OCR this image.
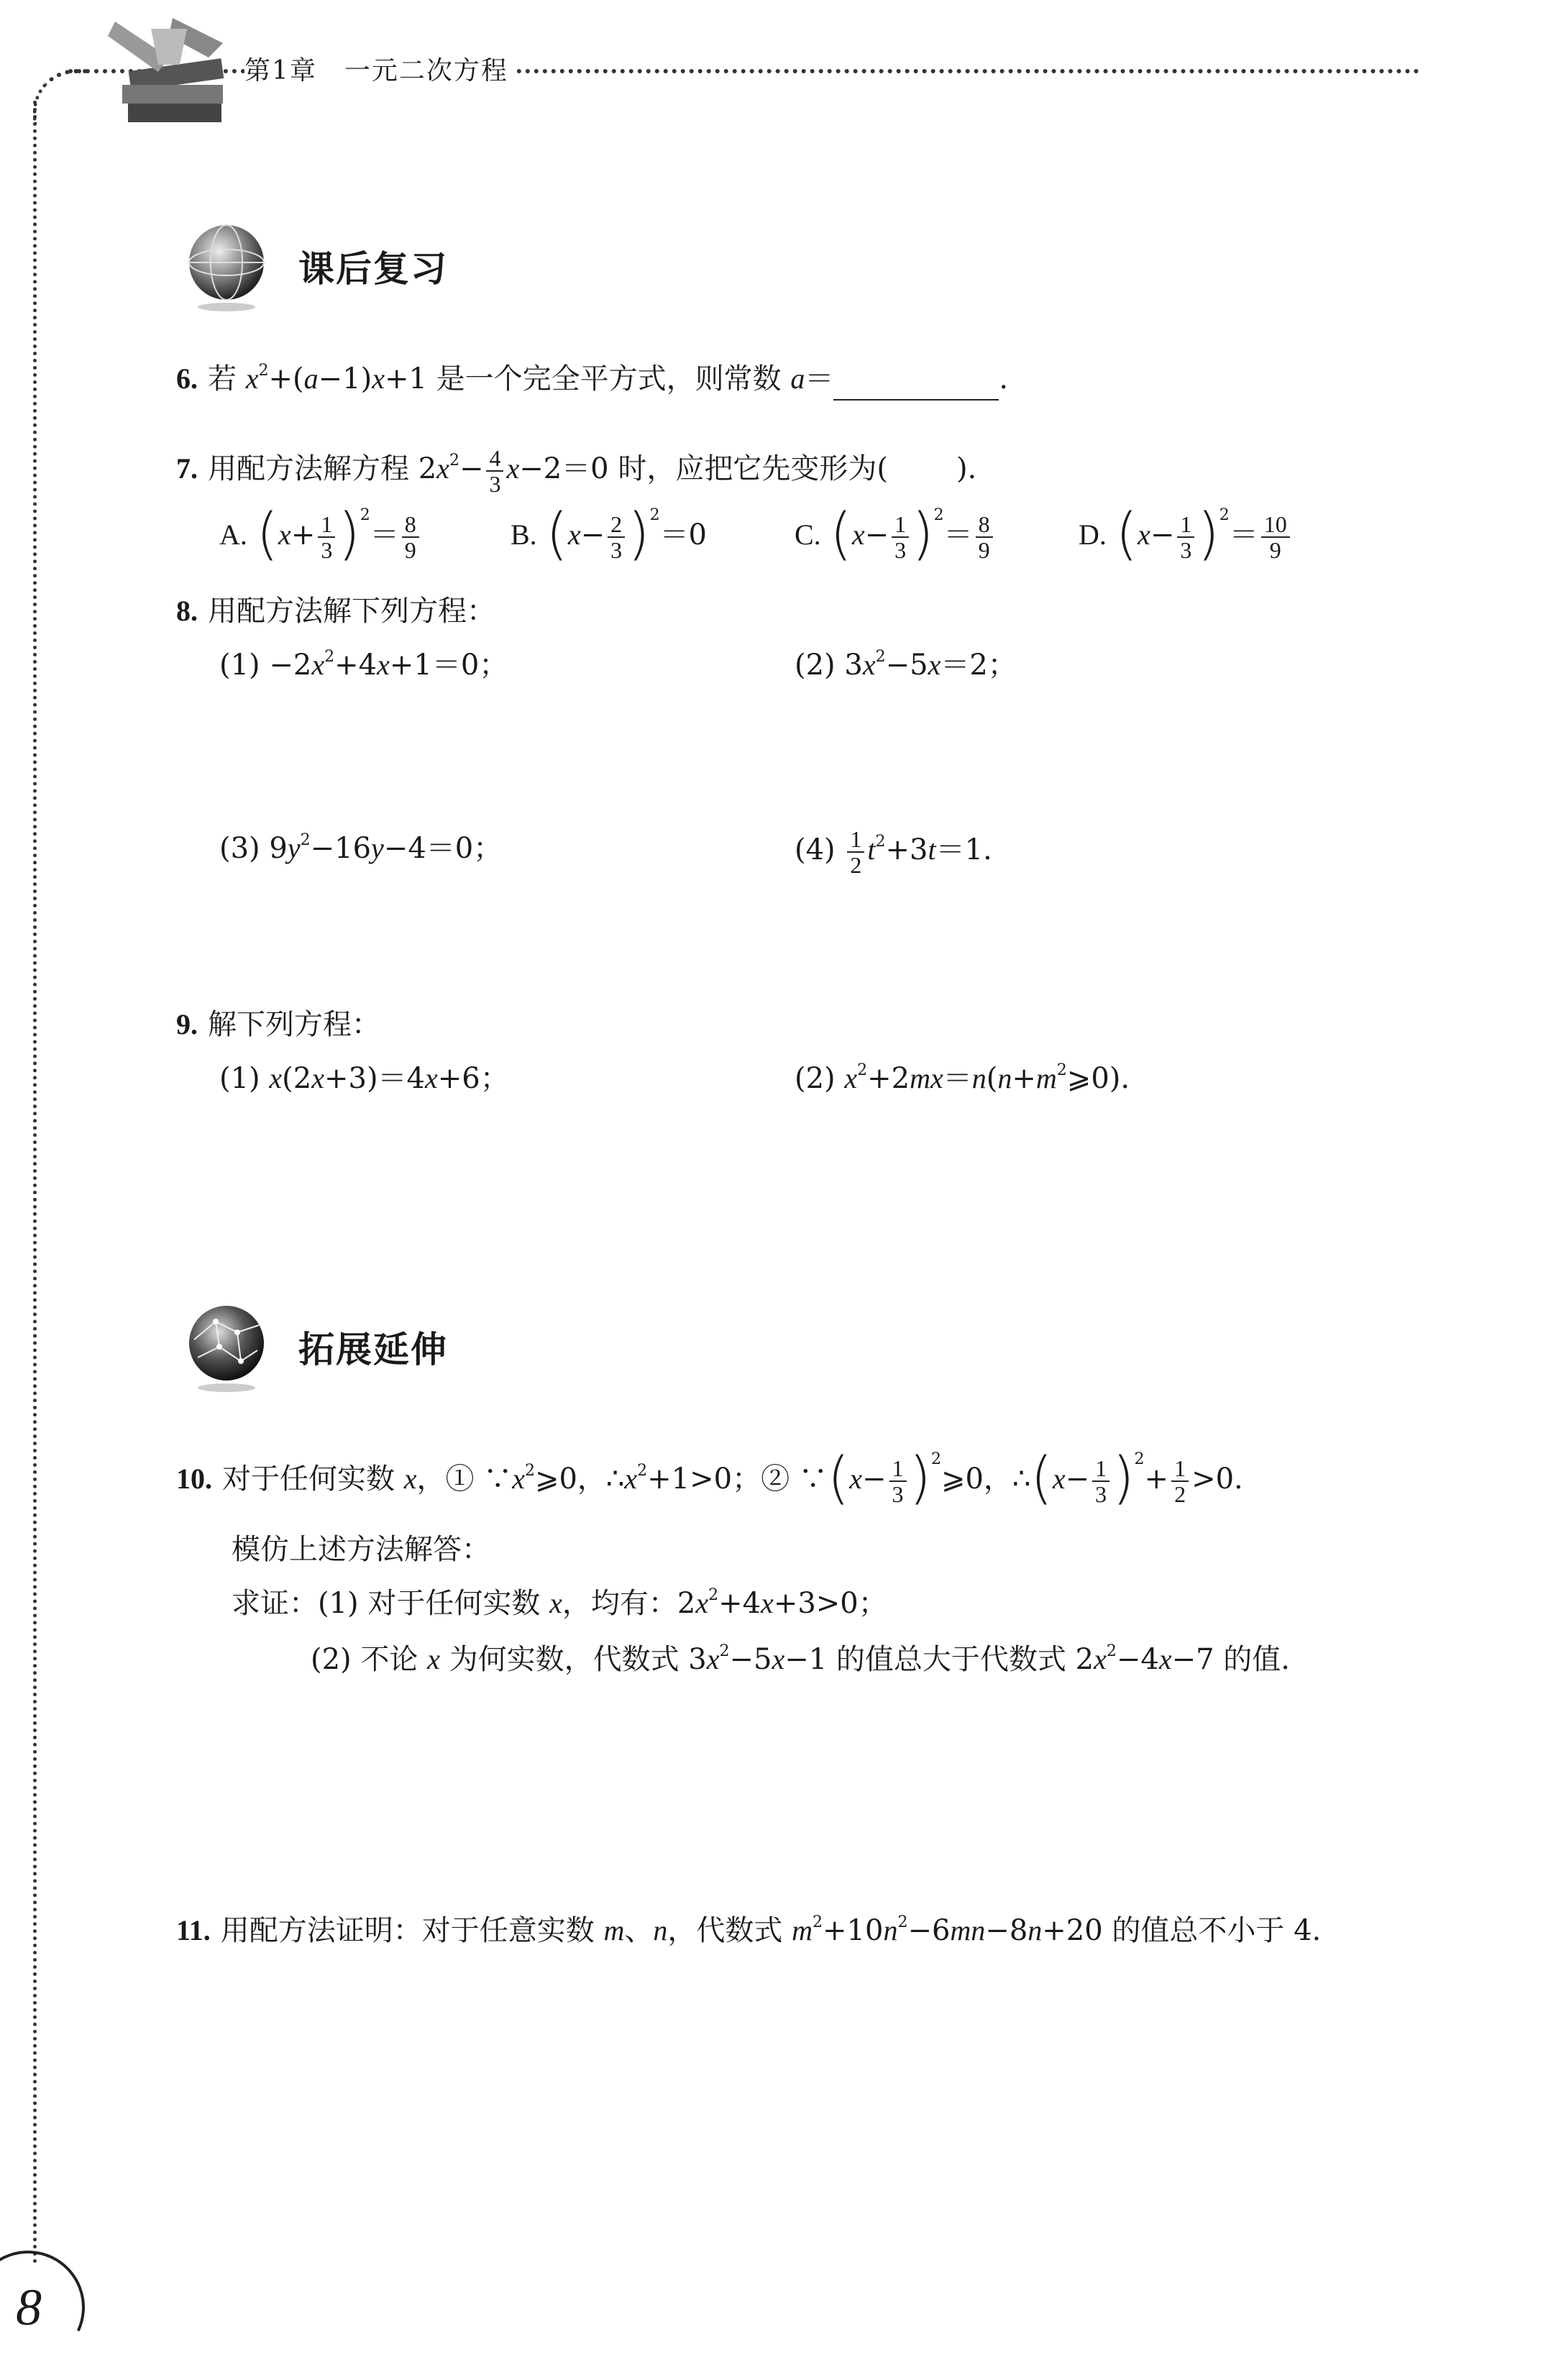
第1章　一元二次方程
课后复习
6. 若 $x^2+(a-1)x+1$ 是一个完全平方式，则常数 a＝	.
7. 用配方法解方程 $2x^2- \frac{4}{3} x-2=0$ 时，应把它先变形为( ).
A. $(x+ \frac{1}{3} )^2= \frac{8}{9}$	B. $(x- \frac{2}{3} )^2=0$	C. $(x- \frac{1}{3} )^2= \frac{8}{9}$	D. $(x- \frac{1}{3} )^2= \frac{10}{9}$
8. 用配方法解下列方程：
$(1) -2x^2+4x+1=0$；	(2) $3x^2-5x=2$；
(3) $9y^2-16y-4=0$；	$(4) \frac{1}{2} t^2+3t=1$.
9. 解下列方程：
(1) x(2x+3)＝4x+6；	(2) $x^2+2mx=n(n+m^2⩾0)$.
拓展延伸
10. 对于任何实数 x，① $\because x^2⩾0$，$\therefore x^2+1>0$；② ∵(x− $\frac{1}{3}$ )$^2$⩾0，∴(x− $\frac{1}{3} )^2+ \frac{1}{2} >0$.
模仿上述方法解答：
求证：(1) 对于任何实数 x，均有：$2x^2+4x+3>0$；
(2) 不论 x 为何实数，代数式 $3x^2-5x-1$ 的值总大于代数式 $2x^2-4x-7$ 的值.
11. 用配方法证明：对于任意实数 m、n，代数式 $m^2+10n^2-6mn-8n+20$ 的值总不小于 4.
8
